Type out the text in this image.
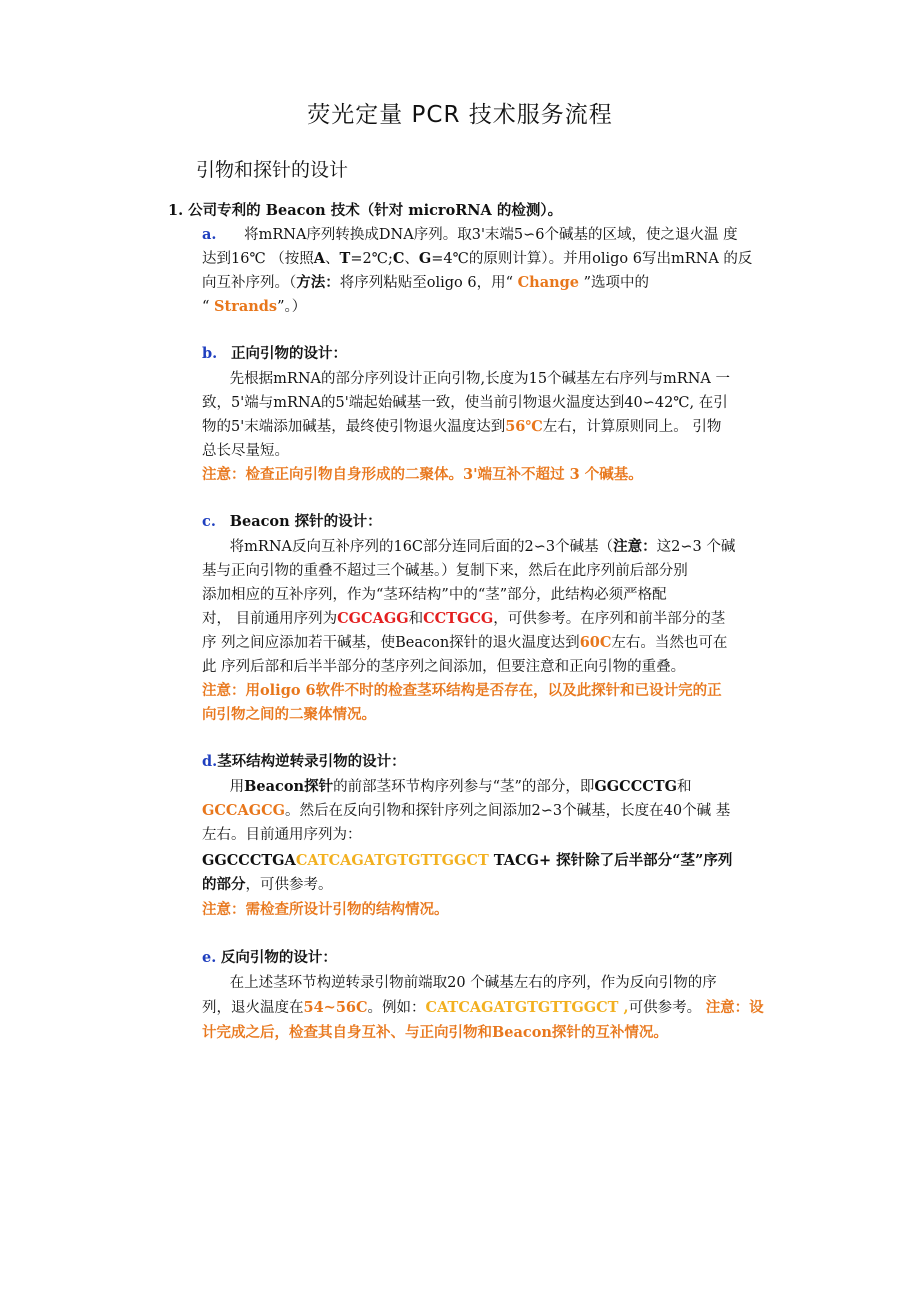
荧光定量 PCR 技术服务流程
引物和探针的设计
1. 公司专利的 Beacon 技术（针对 microRNA 的检测）。
a. 将mRNA序列转换成DNA序列。取3'末端5∽6个碱基的区域，使之退火温 度
达到16℃ （按照A、T=2℃;C、G=4℃的原则计算）。并用oligo 6写出mRNA 的反
向互补序列。（方法：将序列粘贴至oligo 6，用“ Change ”选项中的
“ Strands”。）
b. 正向引物的设计：
先根据mRNA的部分序列设计正向引物,长度为15个碱基左右序列与mRNA 一
致，5'端与mRNA的5'端起始碱基一致，使当前引物退火温度达到40∽42℃, 在引
物的5'末端添加碱基，最终使引物退火温度达到56℃左右，计算原则同上。 引物
总长尽量短。
注意：检查正向引物自身形成的二聚体。3'端互补不超过 3 个碱基。
c. Beacon 探针的设计：
将mRNA反向互补序列的16C部分连同后面的2∽3个碱基（注意：这2∽3 个碱
基与正向引物的重叠不超过三个碱基。）复制下来，然后在此序列前后部分别
添加相应的互补序列，作为“茎环结构”中的“茎”部分，此结构必须严格配
对， 目前通用序列为CGCAGG和CCTGCG，可供参考。在序列和前半部分的茎
序 列之间应添加若干碱基，使Beacon探针的退火温度达到60C左右。当然也可在
此 序列后部和后半半部分的茎序列之间添加，但要注意和正向引物的重叠。
注意：用oligo 6软件不时的检查茎环结构是否存在，以及此探针和已设计完的正
向引物之间的二聚体情况。
d.茎环结构逆转录引物的设计：
用Beacon探针的前部茎环节构序列参与“茎”的部分，即GGCCCTG和
GCCAGCG。然后在反向引物和探针序列之间添加2∽3个碱基，长度在40个碱 基
左右。目前通用序列为：
GGCCCTGACATCAGATGTGTTGGCT TACG+ 探针除了后半部分“茎”序列
的部分，可供参考。
注意：需检查所设计引物的结构情况。
e. 反向引物的设计：
在上述茎环节构逆转录引物前端取20 个碱基左右的序列，作为反向引物的序
列，退火温度在54~56C。例如：CATCAGATGTGTTGGCT ,可供参考。 注意：设
计完成之后，检查其自身互补、与正向引物和Beacon探针的互补情况。
